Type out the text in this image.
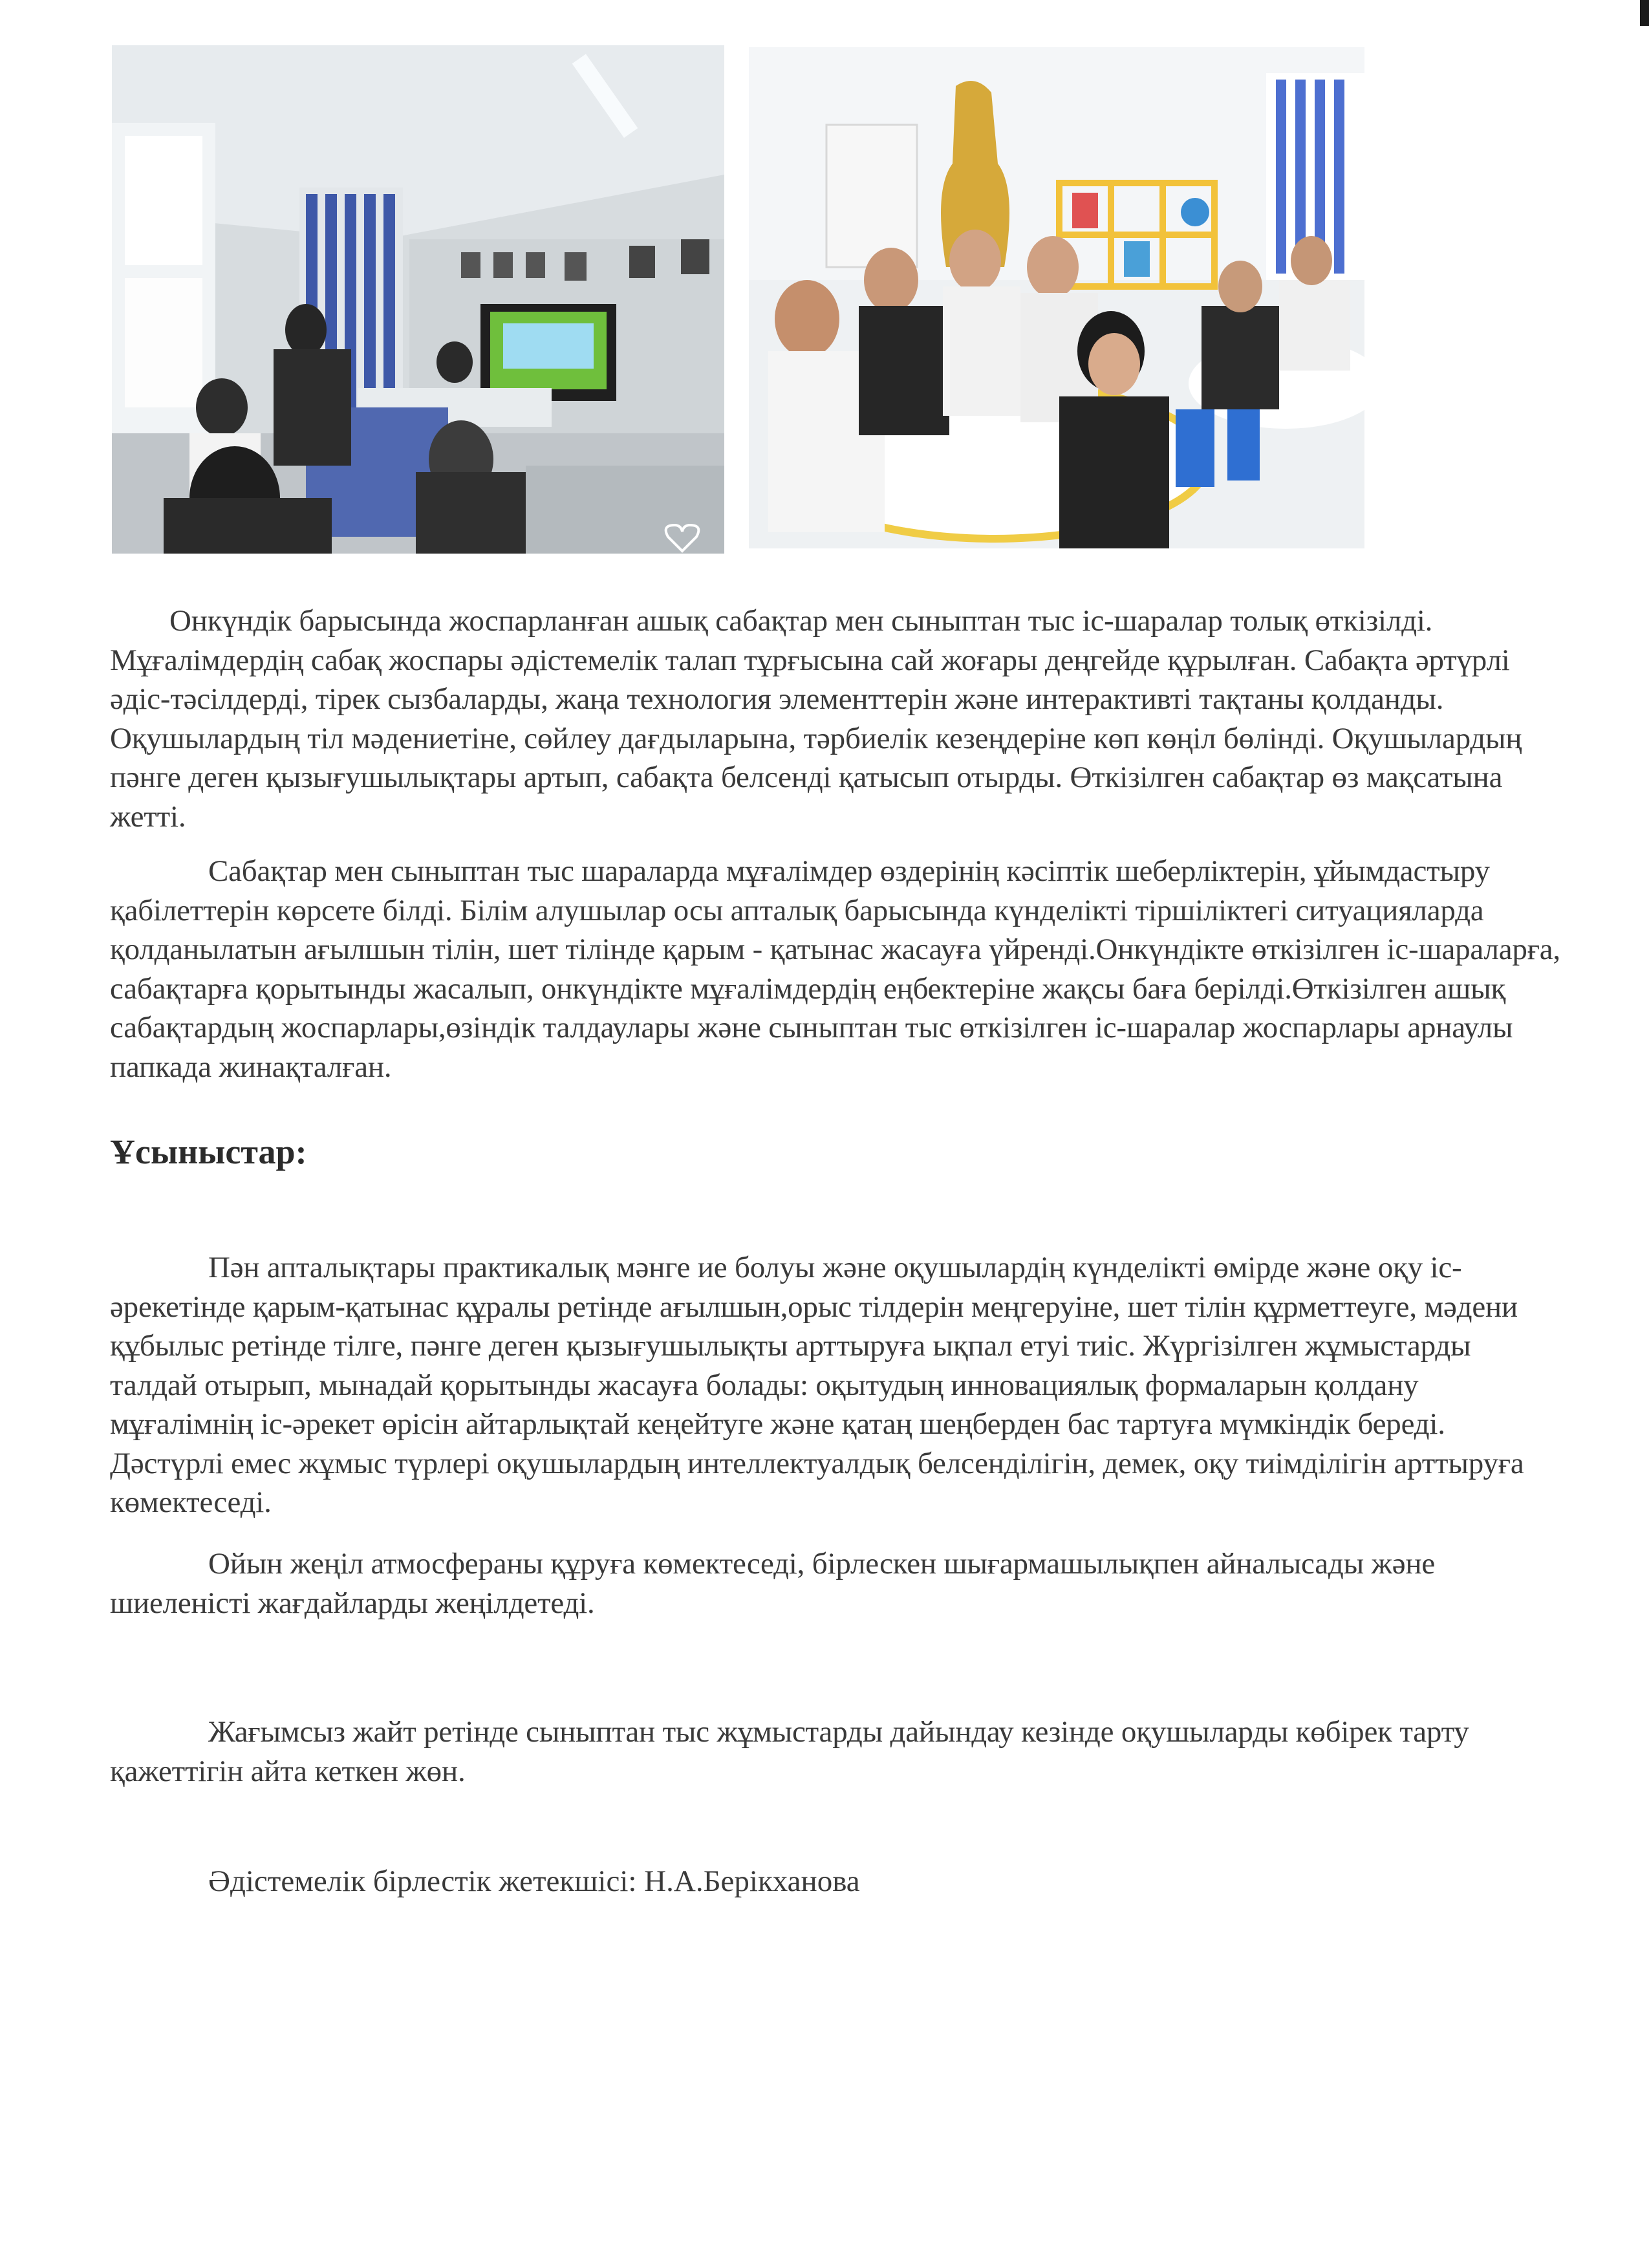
Онкүндік барысында жоспарланған ашық сабақтар мен сыныптан тыс іс-шаралар толық өткізілді. Мұғалімдердің сабақ жоспары әдістемелік талап тұрғысына сай жоғары деңгейде құрылған. Сабақта әртүрлі әдіс-тәсілдерді, тірек сызбаларды, жаңа технология элементтерін және интерактивті тақтаны қолданды. Оқушылардың тіл мәдениетіне, сөйлеу дағдыларына, тәрбиелік кезеңдеріне көп көңіл бөлінді. Оқушылардың пәнге деген қызығушылықтары артып, сабақта белсенді қатысып отырды. Өткізілген сабақтар өз мақсатына жетті.

Сабақтар мен сыныптан тыс шараларда мұғалімдер өздерінің кәсіптік шеберліктерін, ұйымдастыру қабілеттерін көрсете білді. Білім алушылар осы апталық барысында күнделікті тіршіліктегі ситуацияларда қолданылатын ағылшын тілін, шет тілінде қарым - қатынас жасауға үйренді.Онкүндікте өткізілген іс-шараларға, сабақтарға қорытынды жасалып, онкүндікте мұғалімдердің еңбектеріне жақсы баға берілді.Өткізілген ашық сабақтардың жоспарлары,өзіндік талдаулары және сыныптан тыс өткізілген іс-шаралар жоспарлары арнаулы папкада жинақталған.

Ұсыныстар:

Пән апталықтары практикалық мәнге ие болуы және оқушылардің күнделікті өмірде және оқу іс-әрекетінде қарым-қатынас құралы ретінде ағылшын,орыс тілдерін меңгеруіне, шет тілін құрметтеуге, мәдени құбылыс ретінде тілге, пәнге деген қызығушылықты арттыруға ықпал етуі тиіс. Жүргізілген жұмыстарды талдай отырып, мынадай қорытынды жасауға болады: оқытудың инновациялық формаларын қолдану мұғалімнің іс-әрекет өрісін айтарлықтай кеңейтуге және қатаң шеңберден бас тартуға мүмкіндік береді. Дәстүрлі емес жұмыс түрлері оқушылардың интеллектуалдық белсенділігін, демек, оқу тиімділігін арттыруға көмектеседі.

Ойын жеңіл атмосфераны құруға көмектеседі, бірлескен шығармашылықпен айналысады және шиеленісті жағдайларды жеңілдетеді.

Жағымсыз жайт ретінде сыныптан тыс жұмыстарды дайындау кезінде оқушыларды көбірек тарту қажеттігін айта кеткен жөн.

Әдістемелік бірлестік жетекшісі: Н.А.Берікханова
